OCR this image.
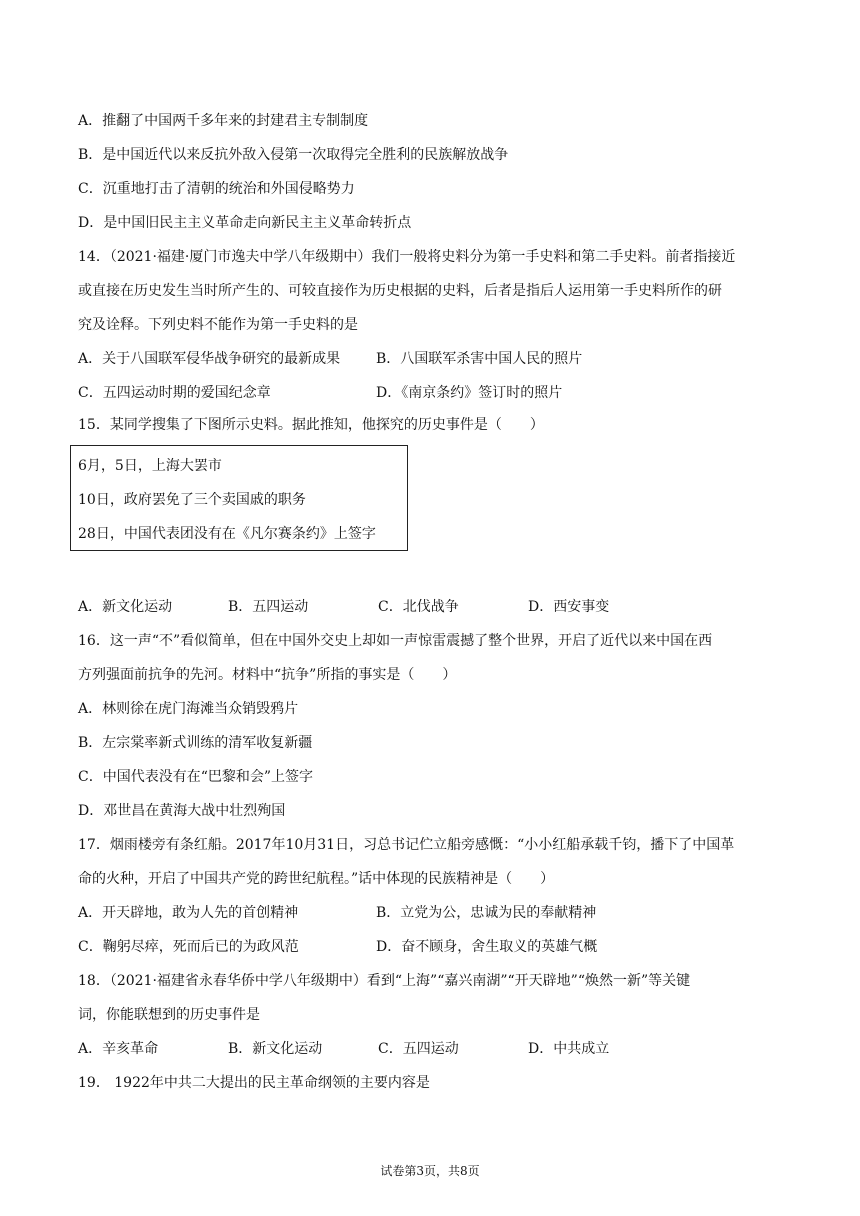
A．推翻了中国两千多年来的封建君主专制制度
B．是中国近代以来反抗外敌入侵第一次取得完全胜利的民族解放战争
C．沉重地打击了清朝的统治和外国侵略势力
D．是中国旧民主主义革命走向新民主主义革命转折点
14．（2021·福建·厦门市逸夫中学八年级期中）我们一般将史料分为第一手史料和第二手史料。前者指接近
或直接在历史发生当时所产生的、可较直接作为历史根据的史料，后者是指后人运用第一手史料所作的研
究及诠释。下列史料不能作为第一手史料的是
A．关于八国联军侵华战争研究的最新成果	B．八国联军杀害中国人民的照片
C．五四运动时期的爱国纪念章	D．《南京条约》签订时的照片
15．某同学搜集了下图所示史料。据此推知，他探究的历史事件是（　　）
6月，5日，上海大罢市
10日，政府罢免了三个卖国戚的职务
28日，中国代表团没有在《凡尔赛条约》上签字
A．新文化运动	B．五四运动	C．北伐战争	D．西安事变
16．这一声“不”看似简单，但在中国外交史上却如一声惊雷震撼了整个世界，开启了近代以来中国在西
方列强面前抗争的先河。材料中“抗争”所指的事实是（　　）
A．林则徐在虎门海滩当众销毁鸦片
B．左宗棠率新式训练的清军收复新疆
C．中国代表没有在“巴黎和会”上签字
D．邓世昌在黄海大战中壮烈殉国
17．烟雨楼旁有条红船。2017年10月31日，习总书记伫立船旁感慨：“小小红船承载千钧，播下了中国革
命的火种，开启了中国共产党的跨世纪航程。”话中体现的民族精神是（　　）
A．开天辟地，敢为人先的首创精神	B．立党为公，忠诚为民的奉献精神
C．鞠躬尽瘁，死而后已的为政风范	D．奋不顾身，舍生取义的英雄气概
18．（2021·福建省永春华侨中学八年级期中）看到“上海”“嘉兴南湖”“开天辟地”“焕然一新”等关键
词，你能联想到的历史事件是
A．辛亥革命	B．新文化运动	C．五四运动	D．中共成立
19． 1922年中共二大提出的民主革命纲领的主要内容是
试卷第3页，共8页
